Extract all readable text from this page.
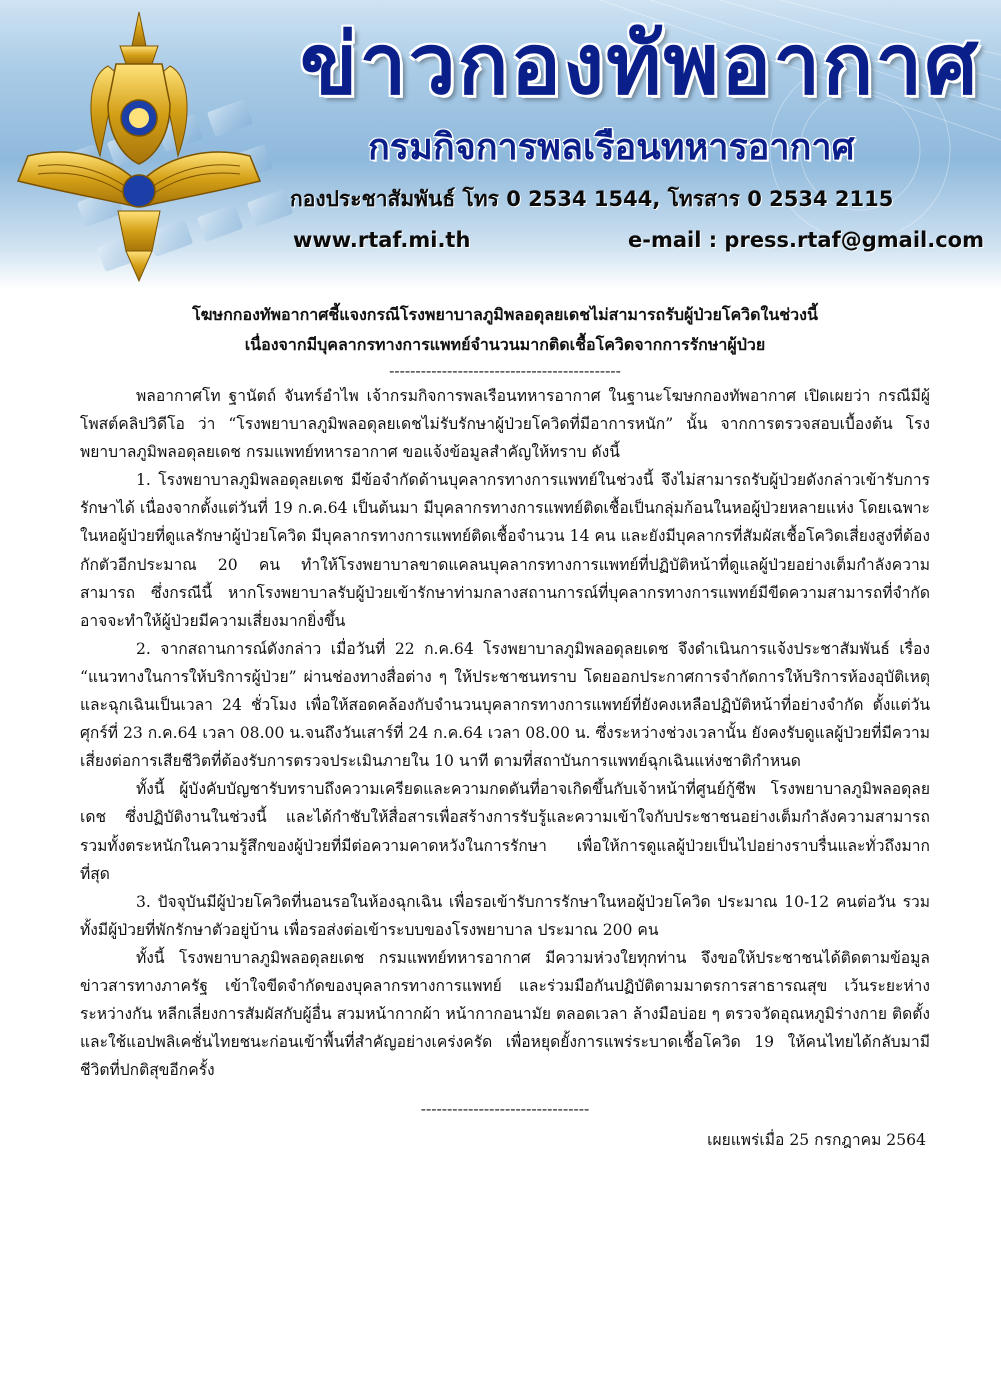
ข่าวกองทัพอากาศ
กรมกิจการพลเรือนทหารอากาศ
กองประชาสัมพันธ์ โทร 0 2534 1544, โทรสาร 0 2534 2115
www.rtaf.mi.th	e-mail : press.rtaf@gmail.com

โฆษกกองทัพอากาศชี้แจงกรณีโรงพยาบาลภูมิพลอดุลยเดชไม่สามารถรับผู้ป่วยโควิดในช่วงนี้

เนื่องจากมีบุคลากรทางการแพทย์จำนวนมากติดเชื้อโควิดจากการรักษาผู้ป่วย

--------------------------------------------

พลอากาศโท ฐานัตถ์ จันทร์อำไพ เจ้ากรมกิจการพลเรือนทหารอากาศ ในฐานะโฆษกกองทัพอากาศ เปิดเผยว่า กรณีมีผู้โพสต์คลิปวิดีโอ ว่า “โรงพยาบาลภูมิพลอดุลยเดชไม่รับรักษาผู้ป่วยโควิดที่มีอาการหนัก” นั้น จากการตรวจสอบเบื้องต้น โรงพยาบาลภูมิพลอดุลยเดช กรมแพทย์ทหารอากาศ ขอแจ้งข้อมูลสำคัญให้ทราบ ดังนี้

1. โรงพยาบาลภูมิพลอดุลยเดช มีข้อจำกัดด้านบุคลากรทางการแพทย์ในช่วงนี้ จึงไม่สามารถรับผู้ป่วยดังกล่าวเข้ารับการรักษาได้ เนื่องจากตั้งแต่วันที่ 19 ก.ค.64 เป็นต้นมา มีบุคลากรทางการแพทย์ติดเชื้อเป็นกลุ่มก้อนในหอผู้ป่วยหลายแห่ง โดยเฉพาะในหอผู้ป่วยที่ดูแลรักษาผู้ป่วยโควิด มีบุคลากรทางการแพทย์ติดเชื้อจำนวน 14 คน และยังมีบุคลากรที่สัมผัสเชื้อโควิดเสี่ยงสูงที่ต้องกักตัวอีกประมาณ 20 คน ทำให้โรงพยาบาลขาดแคลนบุคลากรทางการแพทย์ที่ปฏิบัติหน้าที่ดูแลผู้ป่วยอย่างเต็มกำลังความสามารถ ซึ่งกรณีนี้ หากโรงพยาบาลรับผู้ป่วยเข้ารักษาท่ามกลางสถานการณ์ที่บุคลากรทางการแพทย์มีขีดความสามารถที่จำกัด อาจจะทำให้ผู้ป่วยมีความเสี่ยงมากยิ่งขึ้น

2. จากสถานการณ์ดังกล่าว เมื่อวันที่ 22 ก.ค.64 โรงพยาบาลภูมิพลอดุลยเดช จึงดำเนินการแจ้งประชาสัมพันธ์ เรื่อง “แนวทางในการให้บริการผู้ป่วย” ผ่านช่องทางสื่อต่าง ๆ ให้ประชาชนทราบ โดยออกประกาศการจำกัดการให้บริการห้องอุบัติเหตุและฉุกเฉินเป็นเวลา 24 ชั่วโมง เพื่อให้สอดคล้องกับจำนวนบุคลากรทางการแพทย์ที่ยังคงเหลือปฏิบัติหน้าที่อย่างจำกัด ตั้งแต่วันศุกร์ที่ 23 ก.ค.64 เวลา 08.00 น.จนถึงวันเสาร์ที่ 24 ก.ค.64 เวลา 08.00 น. ซึ่งระหว่างช่วงเวลานั้น ยังคงรับดูแลผู้ป่วยที่มีความเสี่ยงต่อการเสียชีวิตที่ต้องรับการตรวจประเมินภายใน 10 นาที ตามที่สถาบันการแพทย์ฉุกเฉินแห่งชาติกำหนด

ทั้งนี้ ผู้บังคับบัญชารับทราบถึงความเครียดและความกดดันที่อาจเกิดขึ้นกับเจ้าหน้าที่ศูนย์กู้ชีพ โรงพยาบาลภูมิพลอดุลยเดช ซึ่งปฏิบัติงานในช่วงนี้ และได้กำชับให้สื่อสารเพื่อสร้างการรับรู้และความเข้าใจกับประชาชนอย่างเต็มกำลังความสามารถ รวมทั้งตระหนักในความรู้สึกของผู้ป่วยที่มีต่อความคาดหวังในการรักษา เพื่อให้การดูแลผู้ป่วยเป็นไปอย่างราบรื่นและทั่วถึงมากที่สุด

3. ปัจจุบันมีผู้ป่วยโควิดที่นอนรอในห้องฉุกเฉิน เพื่อรอเข้ารับการรักษาในหอผู้ป่วยโควิด ประมาณ 10-12 คนต่อวัน รวมทั้งมีผู้ป่วยที่พักรักษาตัวอยู่บ้าน เพื่อรอส่งต่อเข้าระบบของโรงพยาบาล ประมาณ 200 คน

ทั้งนี้ โรงพยาบาลภูมิพลอดุลยเดช กรมแพทย์ทหารอากาศ มีความห่วงใยทุกท่าน จึงขอให้ประชาชนได้ติดตามข้อมูลข่าวสารทางภาครัฐ เข้าใจขีดจำกัดของบุคลากรทางการแพทย์ และร่วมมือกันปฏิบัติตามมาตรการสาธารณสุข เว้นระยะห่างระหว่างกัน หลีกเลี่ยงการสัมผัสกับผู้อื่น สวมหน้ากากผ้า หน้ากากอนามัย ตลอดเวลา ล้างมือบ่อย ๆ ตรวจวัดอุณหภูมิร่างกาย ติดตั้งและใช้แอปพลิเคชั่นไทยชนะก่อนเข้าพื้นที่สำคัญอย่างเคร่งครัด เพื่อหยุดยั้งการแพร่ระบาดเชื้อโควิด 19 ให้คนไทยได้กลับมามีชีวิตที่ปกติสุขอีกครั้ง

--------------------------------

เผยแพร่เมื่อ 25 กรกฎาคม 2564
